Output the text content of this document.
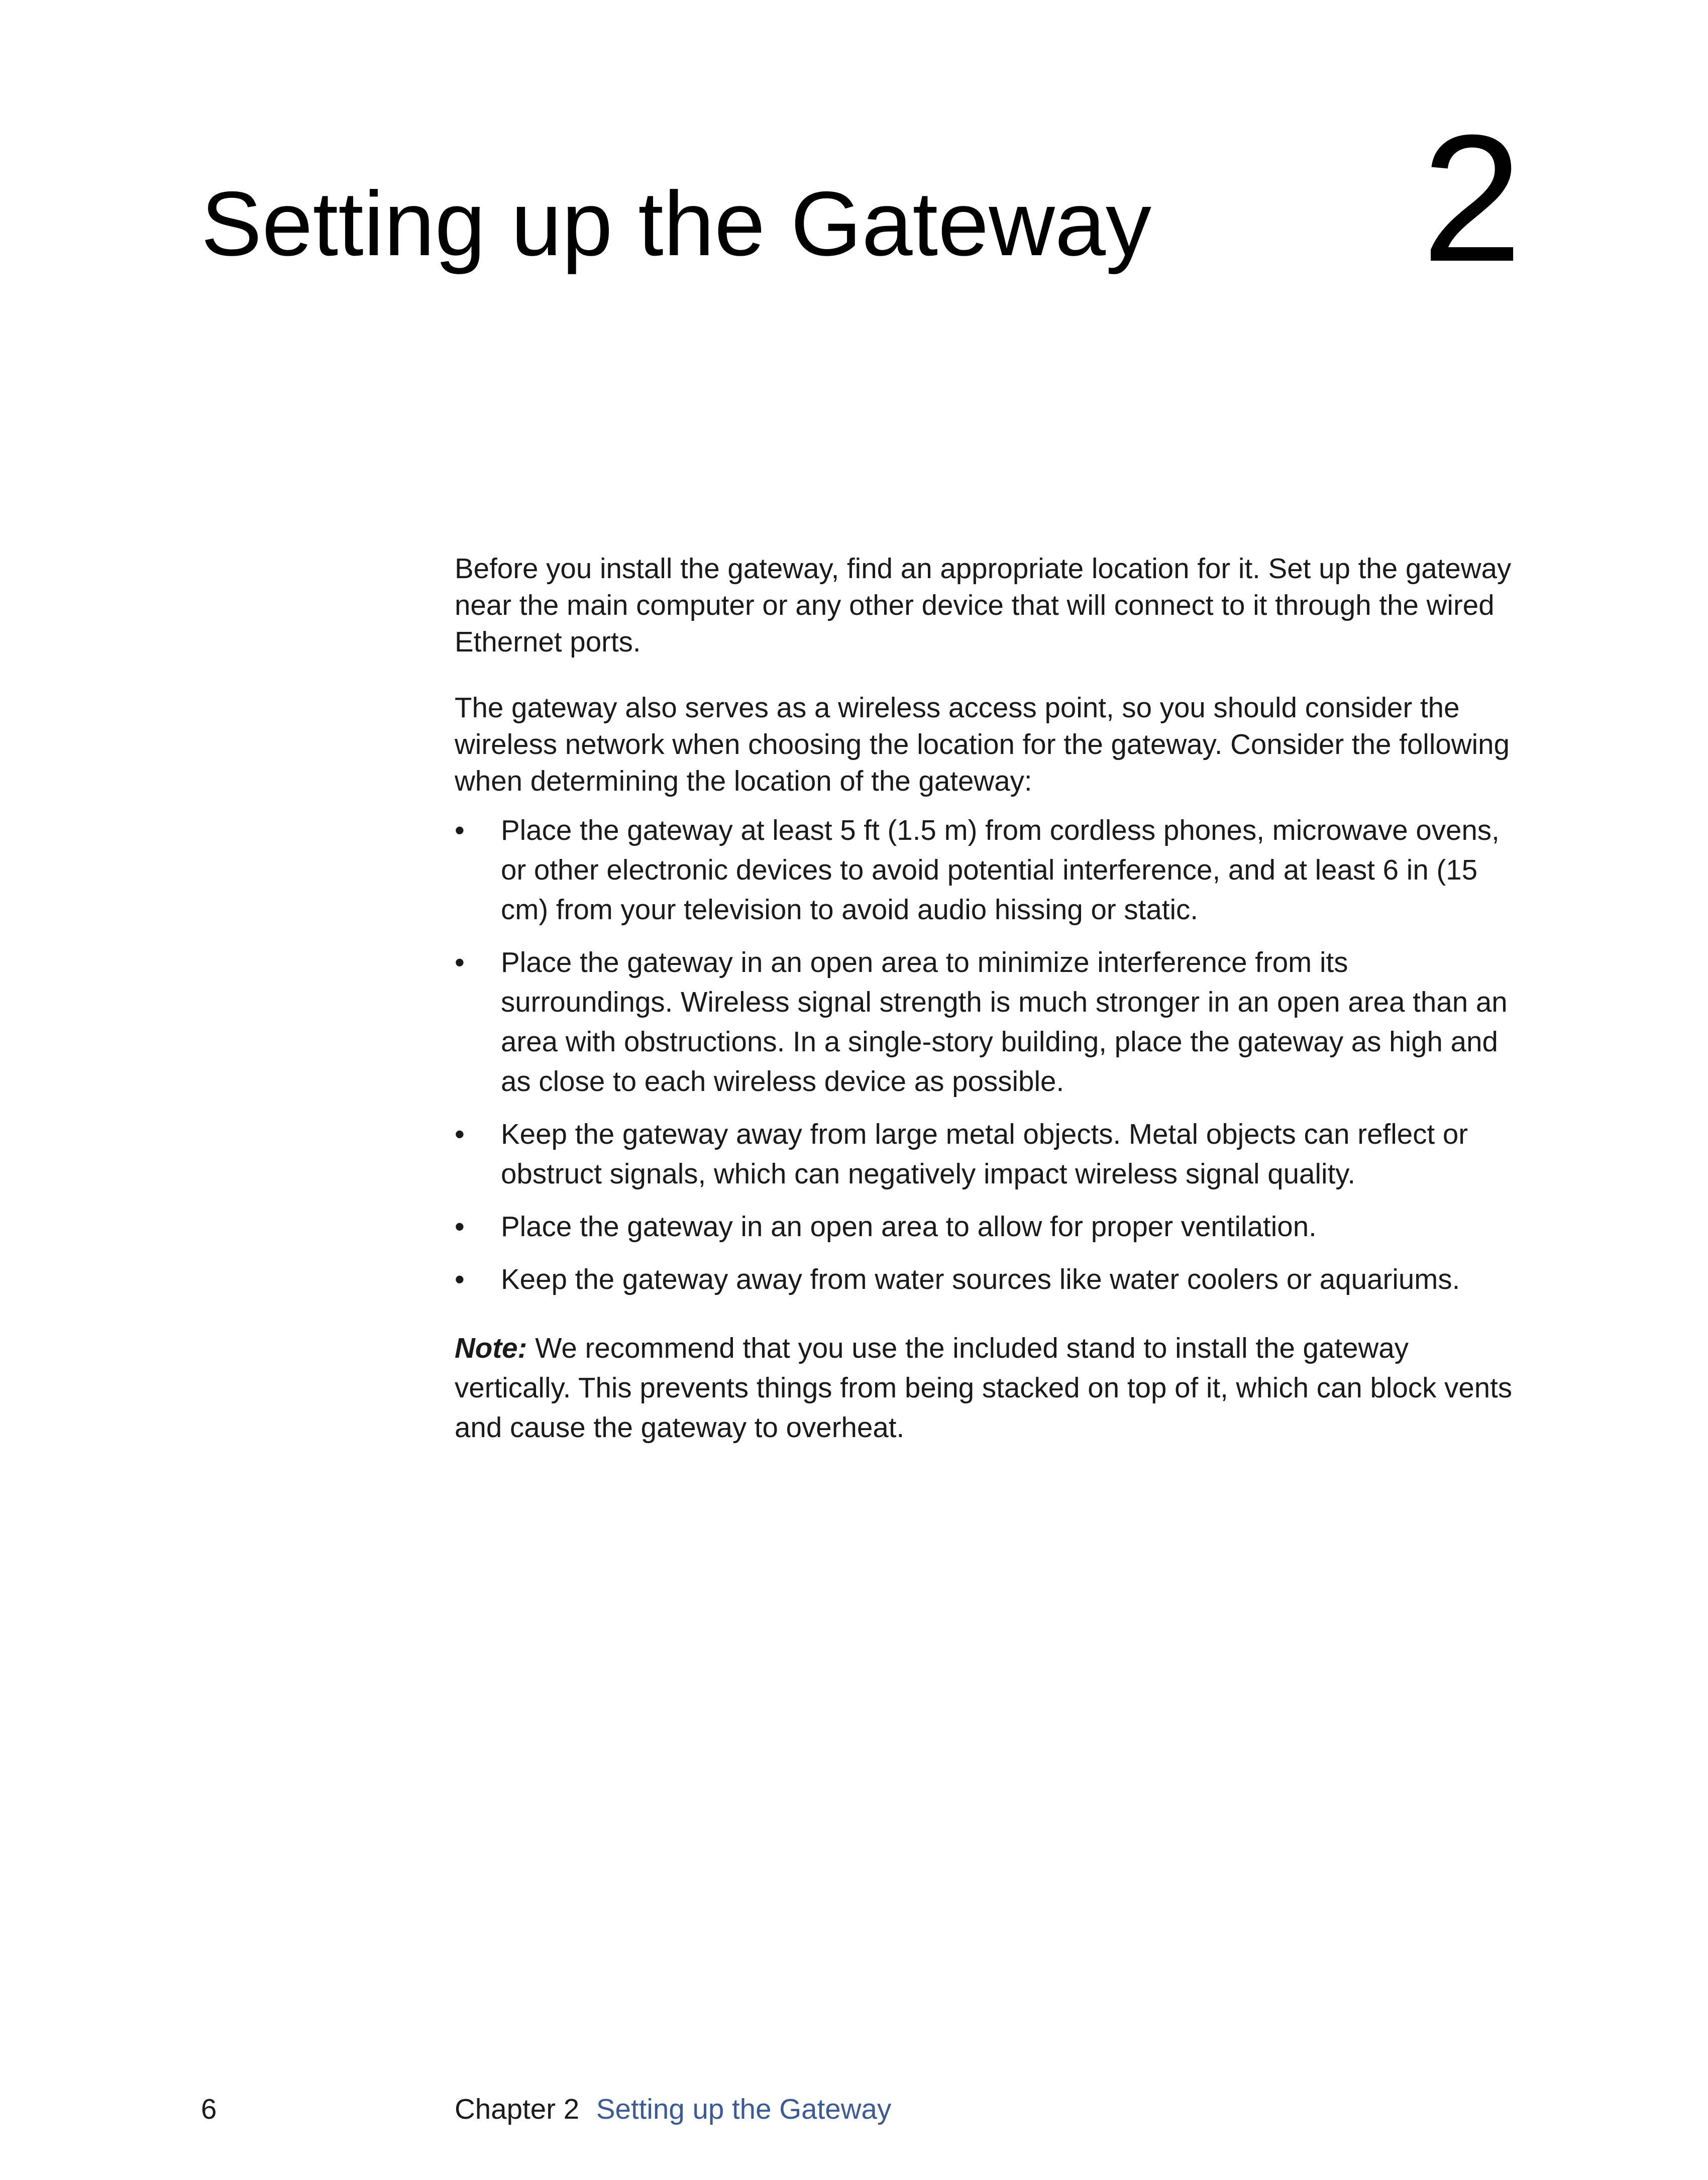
Setting up the Gateway 2

Before you install the gateway, find an appropriate location for it. Set up the gateway near the main computer or any other device that will connect to it through the wired Ethernet ports.

The gateway also serves as a wireless access point, so you should consider the wireless network when choosing the location for the gateway. Consider the following when determining the location of the gateway:

• Place the gateway at least 5 ft (1.5 m) from cordless phones, microwave ovens, or other electronic devices to avoid potential interference, and at least 6 in (15 cm) from your television to avoid audio hissing or static.
• Place the gateway in an open area to minimize interference from its surroundings. Wireless signal strength is much stronger in an open area than an area with obstructions. In a single-story building, place the gateway as high and as close to each wireless device as possible.
• Keep the gateway away from large metal objects. Metal objects can reflect or obstruct signals, which can negatively impact wireless signal quality.
• Place the gateway in an open area to allow for proper ventilation.
• Keep the gateway away from water sources like water coolers or aquariums.

Note: We recommend that you use the included stand to install the gateway vertically. This prevents things from being stacked on top of it, which can block vents and cause the gateway to overheat.

6	Chapter 2 Setting up the Gateway
